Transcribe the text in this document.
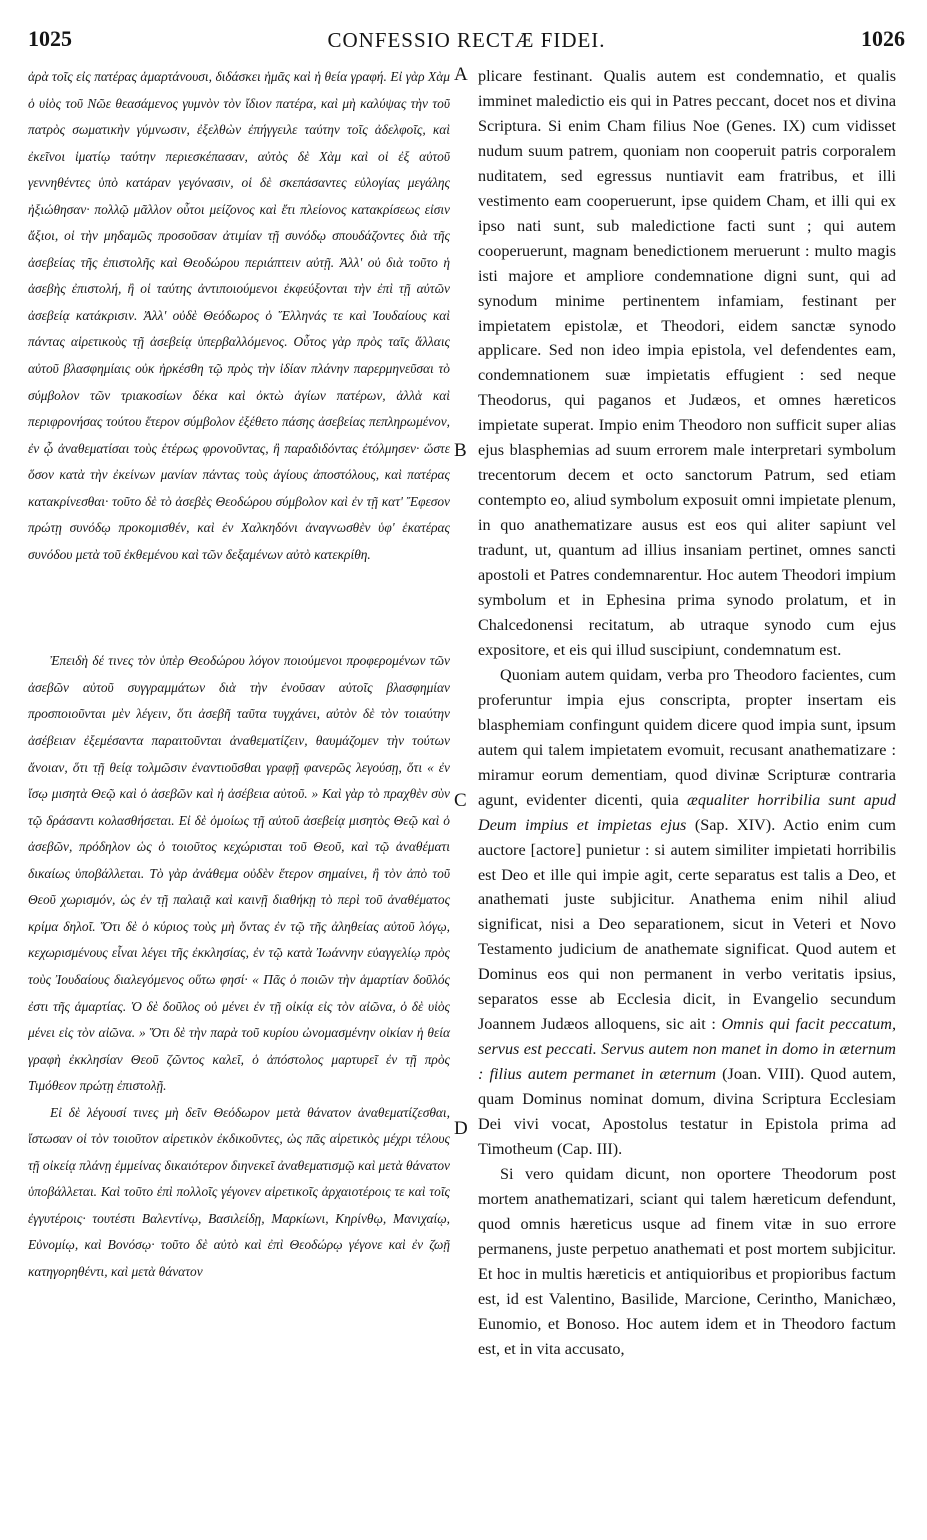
1025	CONFESSIO RECTÆ FIDEI.	1026

ἀρὰ τοῖς εἰς πατέρας ἁμαρτάνουσι, διδάσκει ἡμᾶς καὶ ἡ θεία γραφή. Εἰ γὰρ Χὰμ ὁ υἱὸς τοῦ Νῶε θεασάμενος γυμνὸν τὸν ἴδιον πατέρα, καὶ μὴ καλύψας τὴν τοῦ πατρὸς σωματικὴν γύμνωσιν, ἐξελθὼν ἐπήγγειλε ταύτην τοῖς ἀδελφοῖς, καὶ ἐκεῖνοι ἱματίῳ ταύτην περιεσκέπασαν, αὐτὸς δὲ Χὰμ καὶ οἱ ἐξ αὐτοῦ γεννηθέντες ὑπὸ κατάραν γεγόνασιν, οἱ δὲ σκεπάσαντες εὐλογίας μεγάλης ἠξιώθησαν· πολλῷ μᾶλλον οὗτοι μείζονος καὶ ἔτι πλείονος κατακρίσεως εἰσιν ἄξιοι, οἱ τὴν μηδαμῶς προσοῦσαν ἀτιμίαν τῇ συνόδῳ σπουδάζοντες διὰ τῆς ἀσεβείας τῆς ἐπιστολῆς καὶ Θεοδώρου περιάπτειν αὐτῇ. Ἀλλ' οὐ διὰ τοῦτο ἡ ἀσεβὴς ἐπιστολή, ἢ οἱ ταύτης ἀντιποιούμενοι ἐκφεύξονται τὴν ἐπὶ τῇ αὐτῶν ἀσεβείᾳ κατάκρισιν. Ἀλλ' οὐδὲ Θεόδωρος ὁ Ἕλληνάς τε καὶ Ἰουδαίους καὶ πάντας αἱρετικοὺς τῇ ἀσεβείᾳ ὑπερβαλλόμενος. Οὗτος γὰρ πρὸς ταῖς ἄλλαις αὐτοῦ βλασφημίαις οὐκ ἠρκέσθη τῷ πρὸς τὴν ἰδίαν πλάνην παρερμηνεῦσαι τὸ σύμβολον τῶν τριακοσίων δέκα καὶ ὀκτὼ ἁγίων πατέρων, ἀλλὰ καὶ περιφρονήσας τούτου ἕτερον σύμβολον ἐξέθετο πάσης ἀσεβείας πεπληρωμένον, ἐν ᾧ ἀναθεματίσαι τοὺς ἑτέρως φρονοῦντας, ἢ παραδιδόντας ἐτόλμησεν· ὥστε ὅσον κατὰ τὴν ἐκείνων μανίαν πάντας τοὺς ἁγίους ἀποστόλους, καὶ πατέρας κατακρίνεσθαι· τοῦτο δὲ τὸ ἀσεβὲς Θεοδώρου σύμβολον καὶ ἐν τῇ κατ' Ἔφεσον πρώτῃ συνόδῳ προκομισθέν, καὶ ἐν Χαλκηδόνι ἀναγνωσθὲν ὑφ' ἑκατέρας συνόδου μετὰ τοῦ ἐκθεμένου καὶ τῶν δεξαμένων αὐτὸ κατεκρίθη.

Ἐπειδὴ δέ τινες τὸν ὑπὲρ Θεοδώρου λόγον ποιούμενοι προφερομένων τῶν ἀσεβῶν αὐτοῦ συγγραμμάτων διὰ τὴν ἐνοῦσαν αὐτοῖς βλασφημίαν προσποιοῦνται μὲν λέγειν, ὅτι ἀσεβῆ ταῦτα τυγχάνει, αὐτὸν δὲ τὸν τοιαύτην ἀσέβειαν ἐξεμέσαντα παραιτοῦνται ἀναθεματίζειν, θαυμάζομεν τὴν τούτων ἄνοιαν, ὅτι τῇ θείᾳ τολμῶσιν ἐναντιοῦσθαι γραφῇ φανερῶς λεγούσῃ, ὅτι « ἐν ἴσῳ μισητὰ Θεῷ καὶ ὁ ἀσεβῶν καὶ ἡ ἀσέβεια αὐτοῦ. » Καὶ γὰρ τὸ πραχθὲν σὺν τῷ δράσαντι κολασθήσεται. Εἰ δὲ ὁμοίως τῇ αὐτοῦ ἀσεβείᾳ μισητὸς Θεῷ καὶ ὁ ἀσεβῶν, πρόδηλον ὡς ὁ τοιοῦτος κεχώρισται τοῦ Θεοῦ, καὶ τῷ ἀναθέματι δικαίως ὑποβάλλεται. Τὸ γὰρ ἀνάθεμα οὐδὲν ἕτερον σημαίνει, ἢ τὸν ἀπὸ τοῦ Θεοῦ χωρισμόν, ὡς ἐν τῇ παλαιᾷ καὶ καινῇ διαθήκῃ τὸ περὶ τοῦ ἀναθέματος κρίμα δηλοῖ. Ὅτι δὲ ὁ κύριος τοὺς μὴ ὄντας ἐν τῷ τῆς ἀληθείας αὐτοῦ λόγῳ, κεχωρισμένους εἶναι λέγει τῆς ἐκκλησίας, ἐν τῷ κατὰ Ἰωάννην εὐαγγελίῳ πρὸς τοὺς Ἰουδαίους διαλεγόμενος οὕτω φησί· « Πᾶς ὁ ποιῶν τὴν ἁμαρτίαν δοῦλός ἐστι τῆς ἁμαρτίας. Ὁ δὲ δοῦλος οὐ μένει ἐν τῇ οἰκίᾳ εἰς τὸν αἰῶνα, ὁ δὲ υἱὸς μένει εἰς τὸν αἰῶνα. » Ὅτι δὲ τὴν παρὰ τοῦ κυρίου ὠνομασμένην οἰκίαν ἡ θεία γραφὴ ἐκκλησίαν Θεοῦ ζῶντος καλεῖ, ὁ ἀπόστολος μαρτυρεῖ ἐν τῇ πρὸς Τιμόθεον πρώτῃ ἐπιστολῇ.

Εἰ δὲ λέγουσί τινες μὴ δεῖν Θεόδωρον μετὰ θάνατον ἀναθεματίζεσθαι, ἴστωσαν οἱ τὸν τοιοῦτον αἱρετικὸν ἐκδικοῦντες, ὡς πᾶς αἱρετικὸς μέχρι τέλους τῇ οἰκείᾳ πλάνῃ ἐμμείνας δικαιότερον διηνεκεῖ ἀναθεματισμῷ καὶ μετὰ θάνατον ὑποβάλλεται. Καὶ τοῦτο ἐπὶ πολλοῖς γέγονεν αἱρετικοῖς ἀρχαιοτέροις τε καὶ τοῖς ἐγγυτέροις· τουτέστι Βαλεντίνῳ, Βασιλείδῃ, Μαρκίωνι, Κηρίνθῳ, Μανιχαίῳ, Εὐνομίῳ, καὶ Βονόσῳ· τοῦτο δὲ αὐτὸ καὶ ἐπὶ Θεοδώρῳ γέγονε καὶ ἐν ζωῇ κατηγορηθέντι, καὶ μετὰ θάνατον

A
B
C
D

plicare festinant. Qualis autem est condemnatio, et qualis imminet maledictio eis qui in Patres peccant, docet nos et divina Scriptura. Si enim Cham filius Noe (Genes. IX) cum vidisset nudum suum patrem, quoniam non cooperuit patris corporalem nuditatem, sed egressus nuntiavit eam fratribus, et illi vestimento eam cooperuerunt, ipse quidem Cham, et illi qui ex ipso nati sunt, sub maledictione facti sunt ; qui autem cooperuerunt, magnam benedictionem meruerunt : multo magis isti majore et ampliore condemnatione digni sunt, qui ad synodum minime pertinentem infamiam, festinant per impietatem epistolæ, et Theodori, eidem sanctæ synodo applicare. Sed non ideo impia epistola, vel defendentes eam, condemnationem suæ impietatis effugient : sed neque Theodorus, qui paganos et Judæos, et omnes hæreticos impietate superat. Impio enim Theodoro non sufficit super alias ejus blasphemias ad suum errorem male interpretari symbolum trecentorum decem et octo sanctorum Patrum, sed etiam contempto eo, aliud symbolum exposuit omni impietate plenum, in quo anathematizare ausus est eos qui aliter sapiunt vel tradunt, ut, quantum ad illius insaniam pertinet, omnes sancti apostoli et Patres condemnarentur. Hoc autem Theodori impium symbolum et in Ephesina prima synodo prolatum, et in Chalcedonensi recitatum, ab utraque synodo cum ejus expositore, et eis qui illud suscipiunt, condemnatum est.

Quoniam autem quidam, verba pro Theodoro facientes, cum proferuntur impia ejus conscripta, propter insertam eis blasphemiam confingunt quidem dicere quod impia sunt, ipsum autem qui talem impietatem evomuit, recusant anathematizare : miramur eorum dementiam, quod divinæ Scripturæ contraria agunt, evidenter dicenti, quia æqualiter horribilia sunt apud Deum impius et impietas ejus (Sap. XIV). Actio enim cum auctore [actore] punietur : si autem similiter impietati horribilis est Deo et ille qui impie agit, certe separatus est talis a Deo, et anathemati juste subjicitur. Anathema enim nihil aliud significat, nisi a Deo separationem, sicut in Veteri et Novo Testamento judicium de anathemate significat. Quod autem et Dominus eos qui non permanent in verbo veritatis ipsius, separatos esse ab Ecclesia dicit, in Evangelio secundum Joannem Judæos alloquens, sic ait : Omnis qui facit peccatum, servus est peccati. Servus autem non manet in domo in æternum : filius autem permanet in æternum (Joan. VIII). Quod autem, quam Dominus nominat domum, divina Scriptura Ecclesiam Dei vivi vocat, Apostolus testatur in Epistola prima ad Timotheum (Cap. III).

Si vero quidam dicunt, non oportere Theodorum post mortem anathematizari, sciant qui talem hæreticum defendunt, quod omnis hæreticus usque ad finem vitæ in suo errore permanens, juste perpetuo anathemati et post mortem subjicitur. Et hoc in multis hæreticis et antiquioribus et propioribus factum est, id est Valentino, Basilide, Marcione, Cerintho, Manichæo, Eunomio, et Bonoso. Hoc autem idem et in Theodoro factum est, et in vita accusato,
